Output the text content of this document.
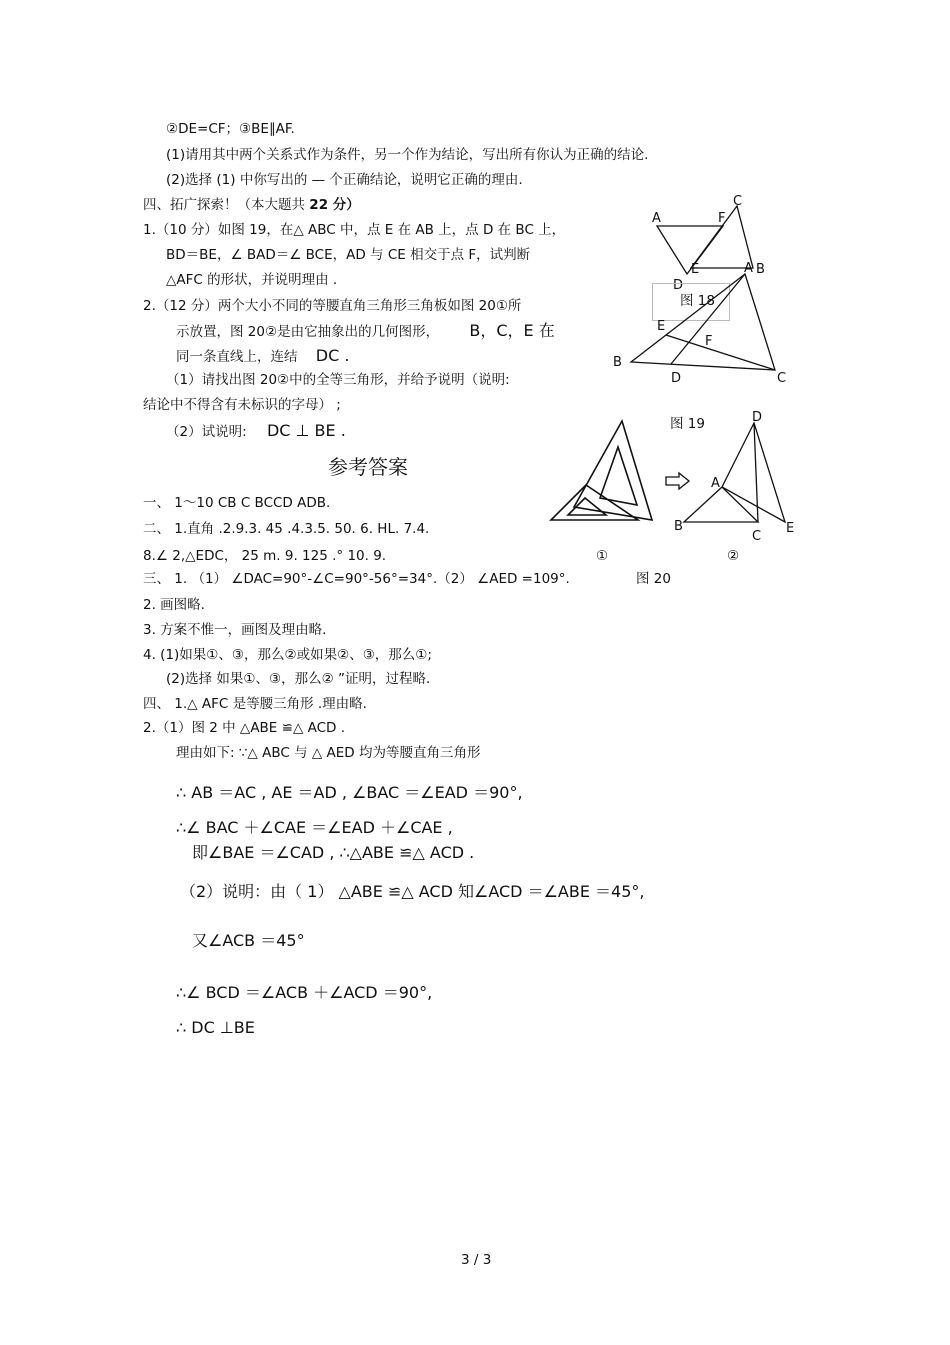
②DE=CF；③BE∥AF.
(1)请用其中两个关系式作为条件，另一个作为结论，写出所有你认为正确的结论.
(2)选择 (1) 中你写出的 — 个正确结论，说明它正确的理由.
四、拓广探索！（本大题共 22 分）
1.（10 分）如图 19，在△ ABC 中，点 E 在 AB 上，点 D 在 BC 上，
BD＝BE，∠ BAD＝∠ BCE，AD 与 CE 相交于点 F，试判断
△AFC 的形状，并说明理由 .
2.（12 分）两个大小不同的等腰直角三角形三角板如图 20①所
示放置，图 20②是由它抽象出的几何图形， B，C，E 在
同一条直线上，连结 DC .
（1）请找出图 20②中的全等三角形，并给予说明（说明:
结论中不得含有未标识的字母） ;
（2）试说明: DC ⊥ BE .
参考答案
一、 1～10 CB C BCCD ADB.
二、 1.直角 .2.9.3. 45 .4.3.5. 50. 6. HL. 7.4.
8.∠ 2,△EDC， 25 m. 9. 125 .° 10. 9.
三、 1. （1） ∠DAC=90°-∠C=90°-56°=34°.（2） ∠AED =109°.
2. 画图略.
3. 方案不惟一，画图及理由略.
4. (1)如果①、③，那么②或如果②、③，那么①;
(2)选择 如果①、③，那么② ”证明，过程略.
四、 1.△ AFC 是等腰三角形 .理由略.
2.（1）图 2 中 △ABE ≌△ ACD .
理由如下: ∵△ ABC 与 △ AED 均为等腰直角三角形
∴ AB ＝AC , AE ＝AD , ∠BAC ＝∠EAD ＝90°,
∴∠ BAC ＋∠CAE ＝∠EAD ＋∠CAE ,
即∠BAE ＝∠CAD , ∴△ABE ≌△ ACD .
（2）说明：由（ 1） △ABE ≌△ ACD 知∠ACD ＝∠ABE ＝45°,
又∠ACB ＝45°
∴∠ BCD ＝∠ACB ＋∠ACD ＝90°,
∴ DC ⊥BE
A	F
C
D
E	B
图 18
A
E
F
B
D	C
图 19	D
A
B
C
E
①	②
图 20
3 / 3
